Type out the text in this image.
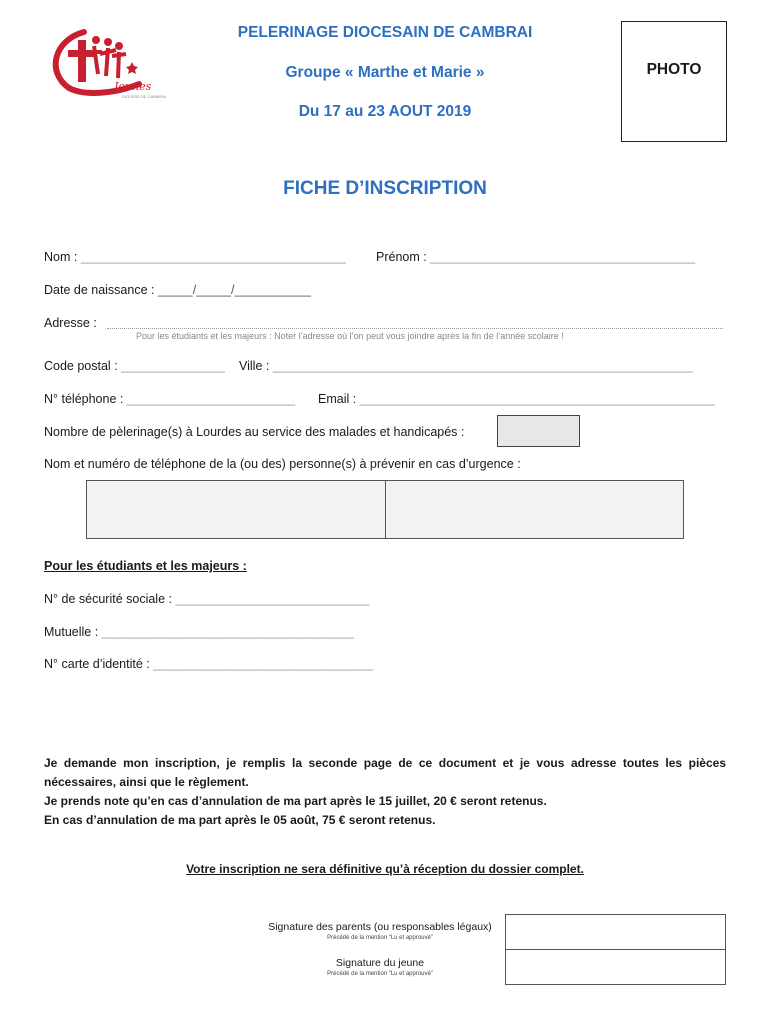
Jeunes
DIOCESE DE CAMBRAI
PELERINAGE DIOCESAIN DE CAMBRAI
Groupe « Marthe et Marie »
Du 17 au 23 AOUT 2019
PHOTO
FICHE D’INSCRIPTION
Nom : _________________________________________ Prénom : _________________________________________
Date de naissance : _____/_____/___________
Adresse :
Pour les étudiants et les majeurs : Noter l’adresse où l’on peut vous joindre après la fin de l’année scolaire !
Code postal : ________________ Ville : _________________________________________________________________
N° téléphone : __________________________ Email : _______________________________________________________
Nombre de pèlerinage(s) à Lourdes au service des malades et handicapés :
Nom et numéro de téléphone de la (ou des) personne(s) à prévenir en cas d’urgence :
Pour les étudiants et les majeurs :
N° de sécurité sociale : ______________________________
Mutuelle : _______________________________________
N° carte d’identité : __________________________________
Je demande mon inscription, je remplis la seconde page de ce document et je vous adresse toutes les pièces nécessaires, ainsi que le règlement.
Je prends note qu’en cas d’annulation de ma part après le 15 juillet, 20 € seront retenus.
En cas d’annulation de ma part après le 05 août, 75 € seront retenus.
Votre inscription ne sera définitive qu’à réception du dossier complet.
Signature des parents (ou responsables légaux)
Précédé de la mention “Lu et approuvé”
Signature du jeune
Précédé de la mention “Lu et approuvé”
